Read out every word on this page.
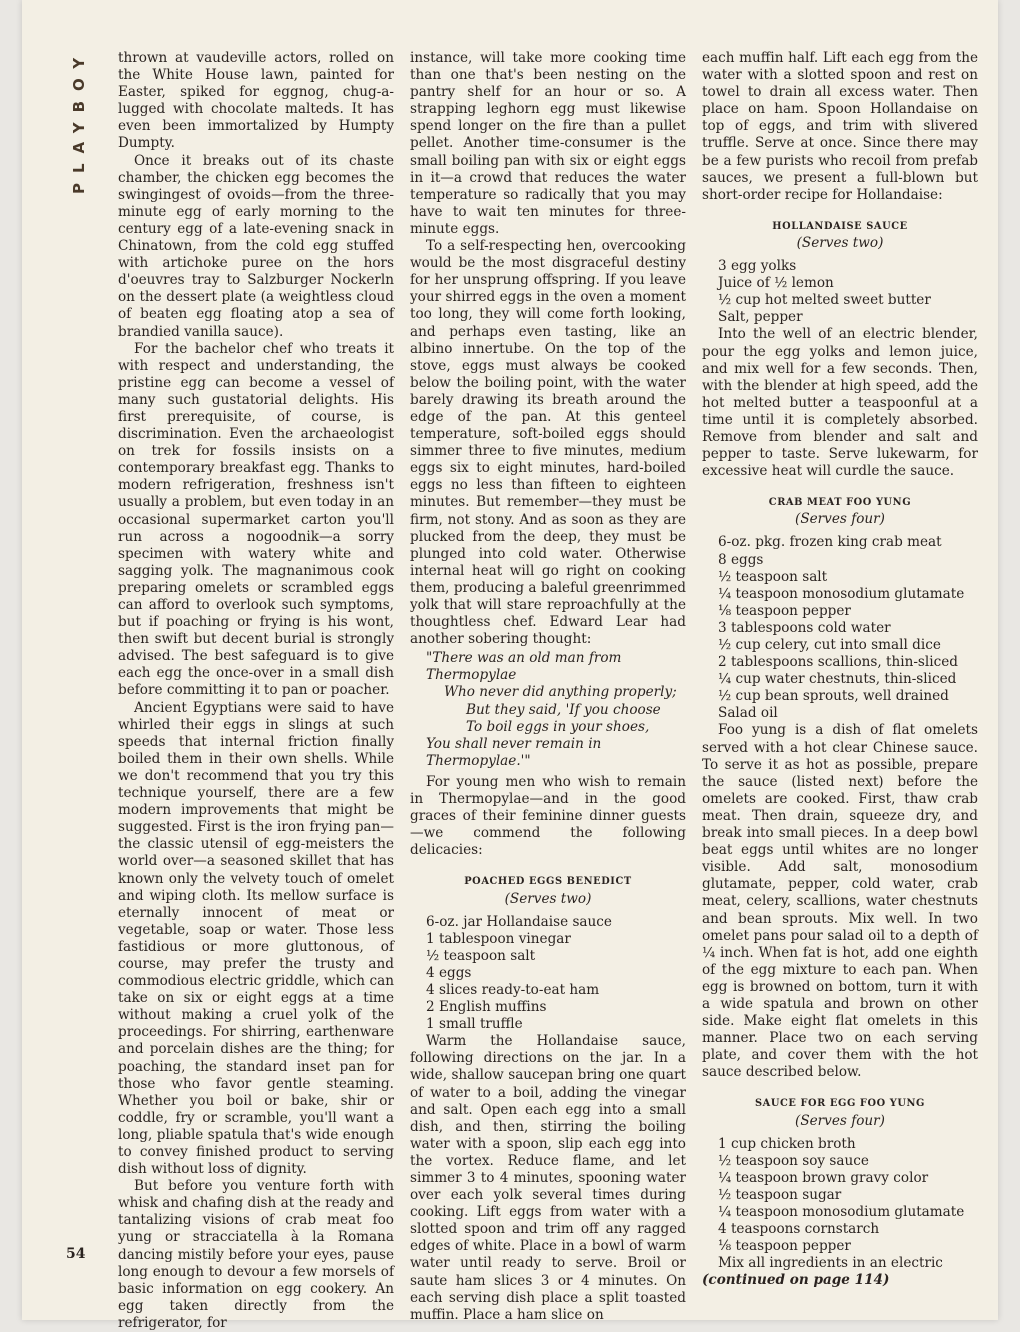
PLAYBOY thrown at vaudeville actors, rolled on the White House lawn, painted for Easter, spiked for eggnog, chug-a-lugged with chocolate malteds. It has even been immortalized by Humpty Dumpty.

Once it breaks out of its chaste chamber, the chicken egg becomes the swingingest of ovoids—from the three-minute egg of early morning to the century egg of a late-evening snack in Chinatown, from the cold egg stuffed with artichoke puree on the hors d'oeuvres tray to Salzburger Nockerln on the dessert plate (a weightless cloud of beaten egg floating atop a sea of brandied vanilla sauce).

For the bachelor chef who treats it with respect and understanding, the pristine egg can become a vessel of many such gustatorial delights. His first prerequisite, of course, is discrimination. Even the archaeologist on trek for fossils insists on a contemporary breakfast egg. Thanks to modern refrigeration, freshness isn't usually a problem, but even today in an occasional supermarket carton you'll run across a nogoodnik—a sorry specimen with watery white and sagging yolk. The magnanimous cook preparing omelets or scrambled eggs can afford to overlook such symptoms, but if poaching or frying is his wont, then swift but decent burial is strongly advised. The best safeguard is to give each egg the once-over in a small dish before committing it to pan or poacher.

Ancient Egyptians were said to have whirled their eggs in slings at such speeds that internal friction finally boiled them in their own shells. While we don't recommend that you try this technique yourself, there are a few modern improvements that might be suggested. First is the iron frying pan—the classic utensil of egg-meisters the world over—a seasoned skillet that has known only the velvety touch of omelet and wiping cloth. Its mellow surface is eternally innocent of meat or vegetable, soap or water. Those less fastidious or more gluttonous, of course, may prefer the trusty and commodious electric griddle, which can take on six or eight eggs at a time without making a cruel yolk of the proceedings. For shirring, earthenware and porcelain dishes are the thing; for poaching, the standard inset pan for those who favor gentle steaming. Whether you boil or bake, shir or coddle, fry or scramble, you'll want a long, pliable spatula that's wide enough to convey finished product to serving dish without loss of dignity.

But before you venture forth with whisk and chafing dish at the ready and tantalizing visions of crab meat foo yung or stracciatella à la Romana dancing mistily before your eyes, pause long enough to devour a few morsels of basic information on egg cookery. An egg taken directly from the refrigerator, for

instance, will take more cooking time than one that's been nesting on the pantry shelf for an hour or so. A strapping leghorn egg must likewise spend longer on the fire than a pullet pellet. Another time-consumer is the small boiling pan with six or eight eggs in it—a crowd that reduces the water temperature so radically that you may have to wait ten minutes for three-minute eggs.

To a self-respecting hen, overcooking would be the most disgraceful destiny for her unsprung offspring. If you leave your shirred eggs in the oven a moment too long, they will come forth looking, and perhaps even tasting, like an albino innertube. On the top of the stove, eggs must always be cooked below the boiling point, with the water barely drawing its breath around the edge of the pan. At this genteel temperature, soft-boiled eggs should simmer three to five minutes, medium eggs six to eight minutes, hard-boiled eggs no less than fifteen to eighteen minutes. But remember—they must be firm, not stony. And as soon as they are plucked from the deep, they must be plunged into cold water. Otherwise internal heat will go right on cooking them, producing a baleful greenrimmed yolk that will stare reproachfully at the thoughtless chef. Edward Lear had another sobering thought:

"There was an old man from Thermopylae
Who never did anything properly;
But they said, 'If you choose
To boil eggs in your shoes,
You shall never remain in Thermopylae.'"

For young men who wish to remain in Thermopylae—and in the good graces of their feminine dinner guests—we commend the following delicacies:

POACHED EGGS BENEDICT
(Serves two)
6-oz. jar Hollandaise sauce
1 tablespoon vinegar
½ teaspoon salt
4 eggs
4 slices ready-to-eat ham
2 English muffins
1 small truffle

Warm the Hollandaise sauce, following directions on the jar. In a wide, shallow saucepan bring one quart of water to a boil, adding the vinegar and salt. Open each egg into a small dish, and then, stirring the boiling water with a spoon, slip each egg into the vortex. Reduce flame, and let simmer 3 to 4 minutes, spooning water over each yolk several times during cooking. Lift eggs from water with a slotted spoon and trim off any ragged edges of white. Place in a bowl of warm water until ready to serve. Broil or saute ham slices 3 or 4 minutes. On each serving dish place a split toasted muffin. Place a ham slice on

each muffin half. Lift each egg from the water with a slotted spoon and rest on towel to drain all excess water. Then place on ham. Spoon Hollandaise on top of eggs, and trim with slivered truffle. Serve at once. Since there may be a few purists who recoil from prefab sauces, we present a full-blown but short-order recipe for Hollandaise:

HOLLANDAISE SAUCE
(Serves two)
3 egg yolks
Juice of ½ lemon
½ cup hot melted sweet butter
Salt, pepper

Into the well of an electric blender, pour the egg yolks and lemon juice, and mix well for a few seconds. Then, with the blender at high speed, add the hot melted butter a teaspoonful at a time until it is completely absorbed. Remove from blender and salt and pepper to taste. Serve lukewarm, for excessive heat will curdle the sauce.

CRAB MEAT FOO YUNG
(Serves four)
6-oz. pkg. frozen king crab meat
8 eggs
½ teaspoon salt
¼ teaspoon monosodium glutamate
⅛ teaspoon pepper
3 tablespoons cold water
½ cup celery, cut into small dice
2 tablespoons scallions, thin-sliced
¼ cup water chestnuts, thin-sliced
½ cup bean sprouts, well drained
Salad oil

Foo yung is a dish of flat omelets served with a hot clear Chinese sauce. To serve it as hot as possible, prepare the sauce (listed next) before the omelets are cooked. First, thaw crab meat. Then drain, squeeze dry, and break into small pieces. In a deep bowl beat eggs until whites are no longer visible. Add salt, monosodium glutamate, pepper, cold water, crab meat, celery, scallions, water chestnuts and bean sprouts. Mix well. In two omelet pans pour salad oil to a depth of ¼ inch. When fat is hot, add one eighth of the egg mixture to each pan. When egg is browned on bottom, turn it with a wide spatula and brown on other side. Make eight flat omelets in this manner. Place two on each serving plate, and cover them with the hot sauce described below.

SAUCE FOR EGG FOO YUNG
(Serves four)
1 cup chicken broth
½ teaspoon soy sauce
¼ teaspoon brown gravy color
½ teaspoon sugar
¼ teaspoon monosodium glutamate
4 teaspoons cornstarch
⅛ teaspoon pepper

Mix all ingredients in an electric

(continued on page 114)

54
